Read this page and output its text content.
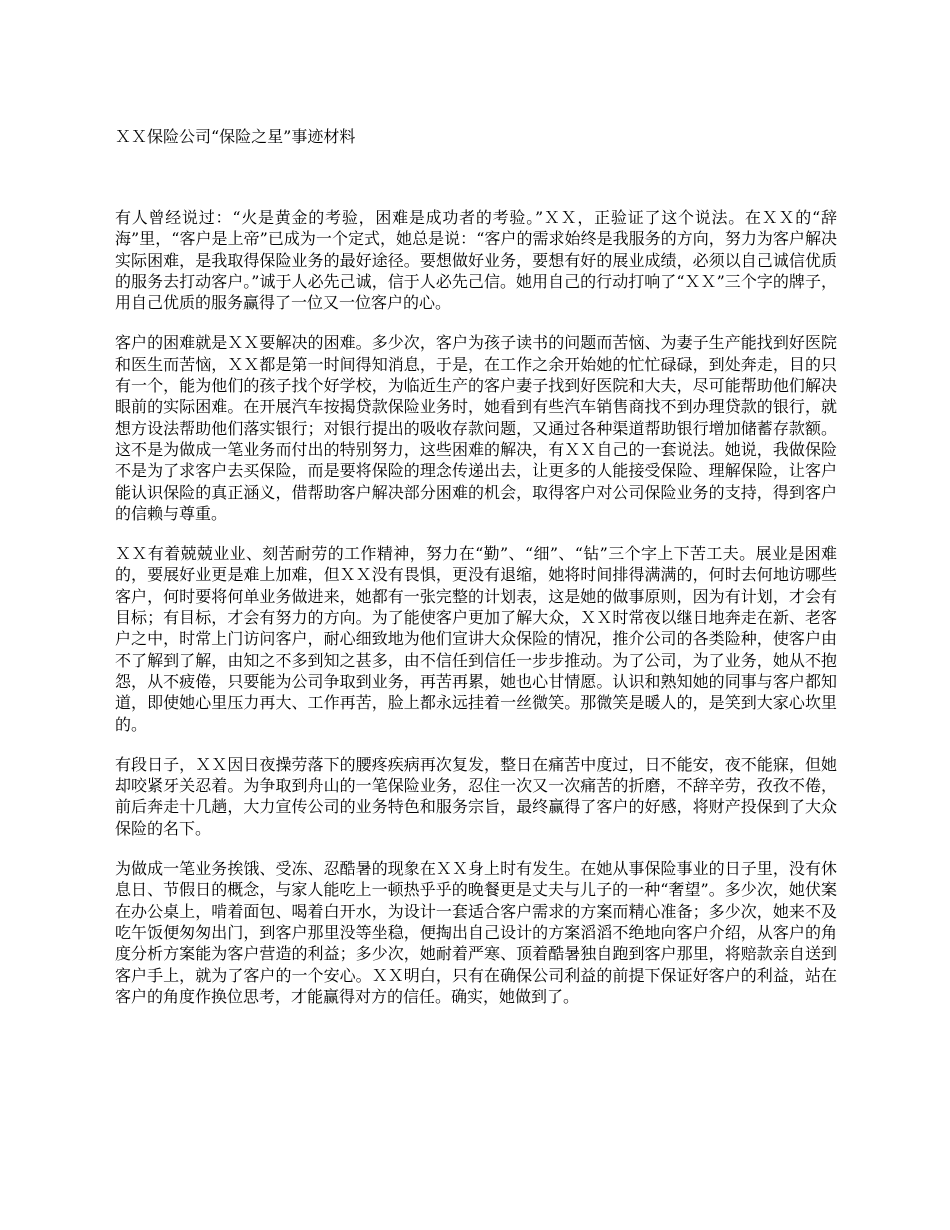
ＸＸ保险公司“保险之星”事迹材料

有人曾经说过：“火是黄金的考验，困难是成功者的考验。”ＸＸ，正验证了这个说法。在ＸＸ的“辞海”里，“客户是上帝”已成为一个定式，她总是说：“客户的需求始终是我服务的方向，努力为客户解决实际困难，是我取得保险业务的最好途径。要想做好业务，要想有好的展业成绩，必须以自己诚信优质的服务去打动客户。”诚于人必先己诚，信于人必先己信。她用自己的行动打响了“ＸＸ”三个字的牌子，用自己优质的服务赢得了一位又一位客户的心。

客户的困难就是ＸＸ要解决的困难。多少次，客户为孩子读书的问题而苦恼、为妻子生产能找到好医院和医生而苦恼，ＸＸ都是第一时间得知消息，于是，在工作之余开始她的忙忙碌碌，到处奔走，目的只有一个，能为他们的孩子找个好学校，为临近生产的客户妻子找到好医院和大夫，尽可能帮助他们解决眼前的实际困难。在开展汽车按揭贷款保险业务时，她看到有些汽车销售商找不到办理贷款的银行，就想方设法帮助他们落实银行；对银行提出的吸收存款问题，又通过各种渠道帮助银行增加储蓄存款额。这不是为做成一笔业务而付出的特别努力，这些困难的解决，有ＸＸ自己的一套说法。她说，我做保险不是为了求客户去买保险，而是要将保险的理念传递出去，让更多的人能接受保险、理解保险，让客户能认识保险的真正涵义，借帮助客户解决部分困难的机会，取得客户对公司保险业务的支持，得到客户的信赖与尊重。

ＸＸ有着兢兢业业、刻苦耐劳的工作精神，努力在“勤”、“细”、“钻”三个字上下苦工夫。展业是困难的，要展好业更是难上加难，但ＸＸ没有畏惧，更没有退缩，她将时间排得满满的，何时去何地访哪些客户，何时要将何单业务做进来，她都有一张完整的计划表，这是她的做事原则，因为有计划，才会有目标；有目标，才会有努力的方向。为了能使客户更加了解大众，ＸＸ时常夜以继日地奔走在新、老客户之中，时常上门访问客户，耐心细致地为他们宣讲大众保险的情况，推介公司的各类险种，使客户由不了解到了解，由知之不多到知之甚多，由不信任到信任一步步推动。为了公司，为了业务，她从不抱怨，从不疲倦，只要能为公司争取到业务，再苦再累，她也心甘情愿。认识和熟知她的同事与客户都知道，即使她心里压力再大、工作再苦，脸上都永远挂着一丝微笑。那微笑是暖人的，是笑到大家心坎里的。

有段日子，ＸＸ因日夜操劳落下的腰疼疾病再次复发，整日在痛苦中度过，日不能安，夜不能寐，但她却咬紧牙关忍着。为争取到舟山的一笔保险业务，忍住一次又一次痛苦的折磨，不辞辛劳，孜孜不倦，前后奔走十几趟，大力宣传公司的业务特色和服务宗旨，最终赢得了客户的好感，将财产投保到了大众保险的名下。

为做成一笔业务挨饿、受冻、忍酷暑的现象在ＸＸ身上时有发生。在她从事保险事业的日子里，没有休息日、节假日的概念，与家人能吃上一顿热乎乎的晚餐更是丈夫与儿子的一种“奢望”。多少次，她伏案在办公桌上，啃着面包、喝着白开水，为设计一套适合客户需求的方案而精心准备；多少次，她来不及吃午饭便匆匆出门，到客户那里没等坐稳，便掏出自己设计的方案滔滔不绝地向客户介绍，从客户的角度分析方案能为客户营造的利益；多少次，她耐着严寒、顶着酷暑独自跑到客户那里，将赔款亲自送到客户手上，就为了客户的一个安心。ＸＸ明白，只有在确保公司利益的前提下保证好客户的利益，站在客户的角度作换位思考，才能赢得对方的信任。确实，她做到了。
